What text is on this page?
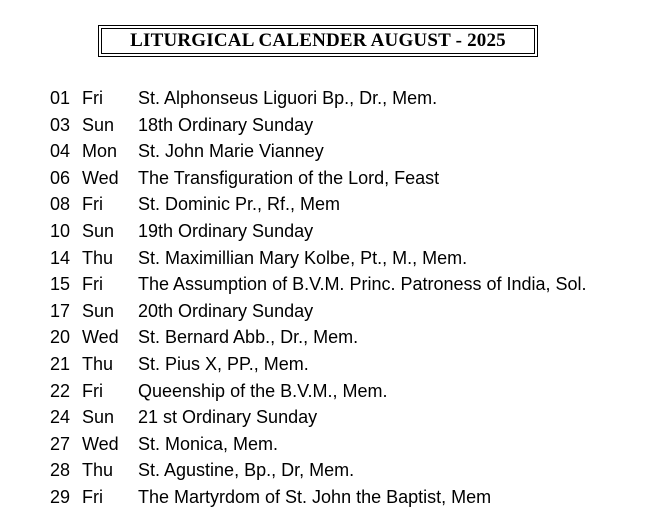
LITURGICAL CALENDER AUGUST - 2025
01 Fri St. Alphonseus Liguori Bp., Dr., Mem.
03 Sun 18th Ordinary Sunday
04 Mon St. John Marie Vianney
06 Wed The Transfiguration of the Lord, Feast
08 Fri St. Dominic Pr., Rf., Mem
10 Sun 19th Ordinary Sunday
14 Thu St. Maximillian Mary Kolbe, Pt., M., Mem.
15 Fri The Assumption of B.V.M. Princ. Patroness of India, Sol.
17 Sun 20th Ordinary Sunday
20 Wed St. Bernard Abb., Dr., Mem.
21 Thu St. Pius X, PP., Mem.
22 Fri Queenship of the B.V.M., Mem.
24 Sun 21 st Ordinary Sunday
27 Wed St. Monica, Mem.
28 Thu St. Agustine, Bp., Dr, Mem.
29 Fri The Martyrdom of St. John the Baptist, Mem
